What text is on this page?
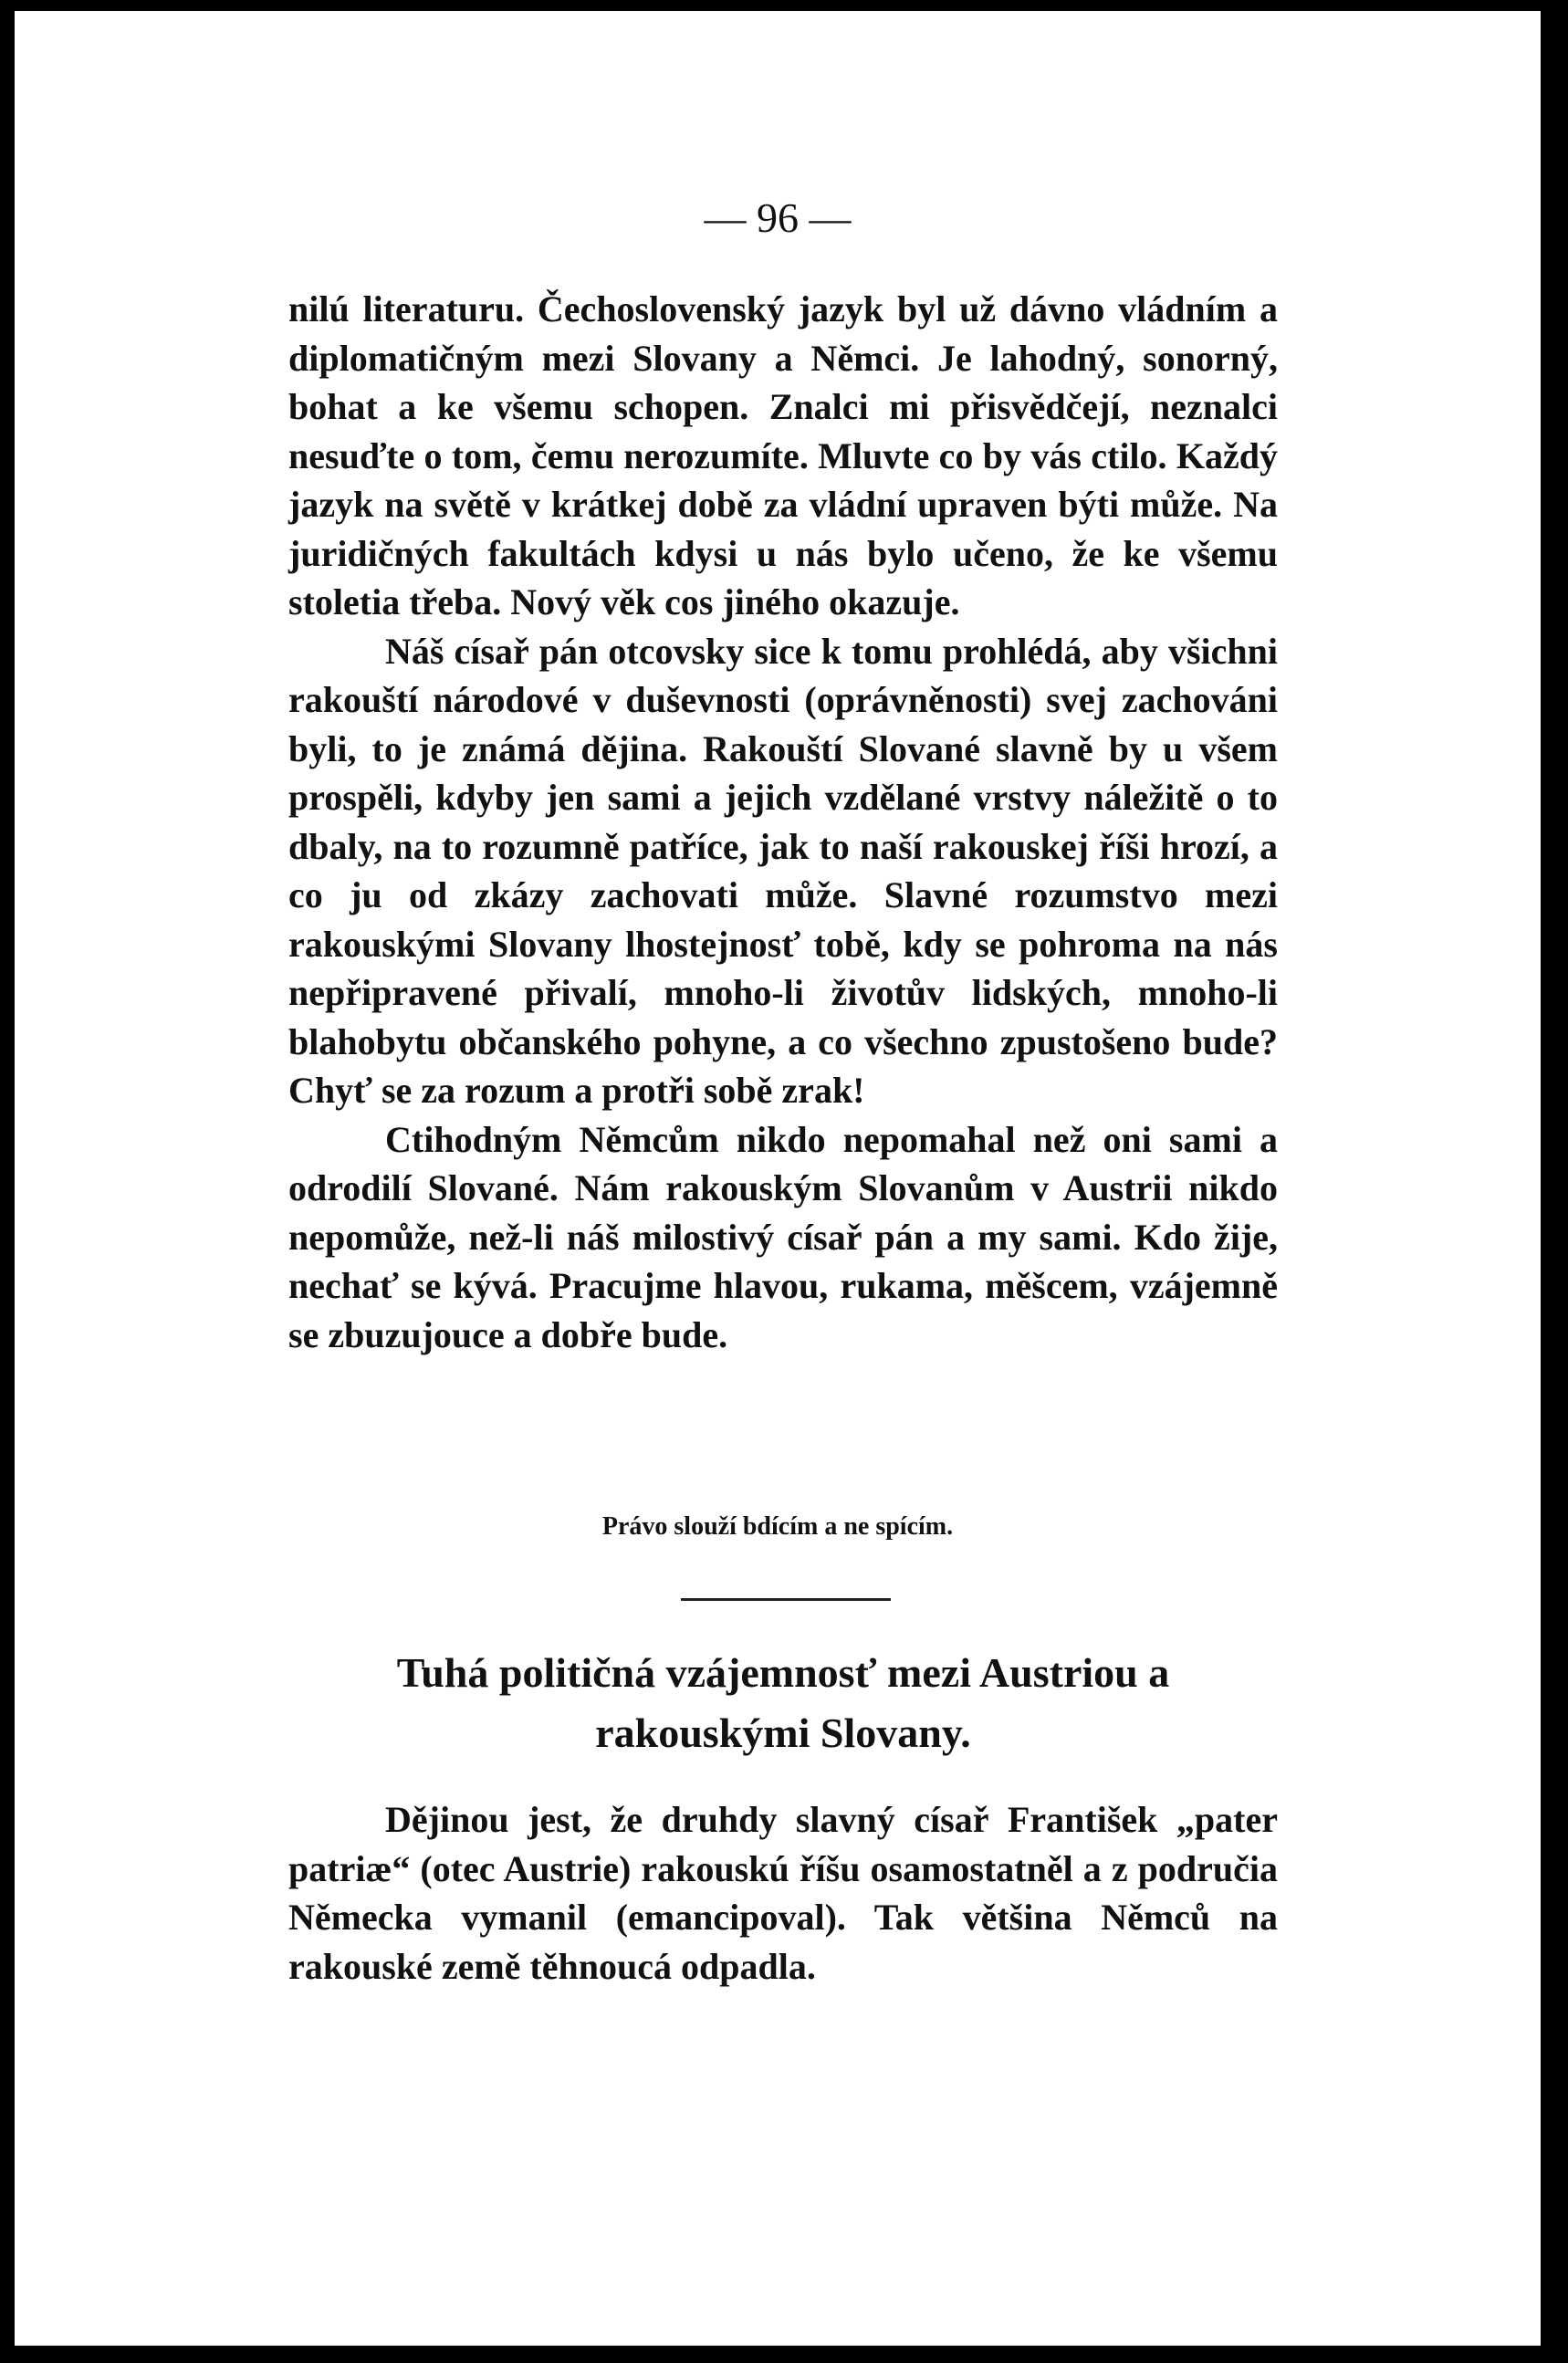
— 96 —

nilú literaturu. Čechoslovenský jazyk byl už dávno vládním a diplomatičným mezi Slovany a Němci. Je lahodný, sonorný, bohat a ke všemu schopen. Znalci mi přisvědčejí, neznalci nesuďte o tom, čemu nerozumíte. Mluvte co by vás ctilo. Každý jazyk na světě v krátkej době za vládní upraven býti může. Na juridičných fakultách kdysi u nás bylo učeno, že ke všemu stoletia třeba. Nový věk cos jiného okazuje.

Náš císař pán otcovsky sice k tomu prohlédá, aby všichni rakouští národové v duševnosti (oprávněnosti) svej zachováni byli, to je známá dějina. Rakouští Slované slavně by u všem prospěli, kdyby jen sami a jejich vzdělané vrstvy náležitě o to dbaly, na to rozumně patříce, jak to naší rakouskej říši hrozí, a co ju od zkázy zachovati může. Slavné rozumstvo mezi rakouskými Slovany lhostejnosť tobě, kdy se pohroma na nás nepřipravené přivalí, mnoho-li životův lidských, mnoho-li blahobytu občanského pohyne, a co všechno zpustošeno bude? Chyť se za rozum a protři sobě zrak!

Ctihodným Němcům nikdo nepomahal než oni sami a odrodilí Slované. Nám rakouským Slovanům v Austrii nikdo nepomůže, než-li náš milostivý císař pán a my sami. Kdo žije, nechať se kývá. Pracujme hlavou, rukama, měšcem, vzájemně se zbuzujouce a dobře bude.

Právo slouží bdícím a ne spícím.
Tuhá političná vzájemnosť mezi Austriou a rakouskými Slovany.

Dějinou jest, že druhdy slavný císař František „pater patriæ“ (otec Austrie) rakouskú říšu osamostatněl a z područia Německa vymanil (emancipoval). Tak většina Němců na rakouské země těhnoucá odpadla.
